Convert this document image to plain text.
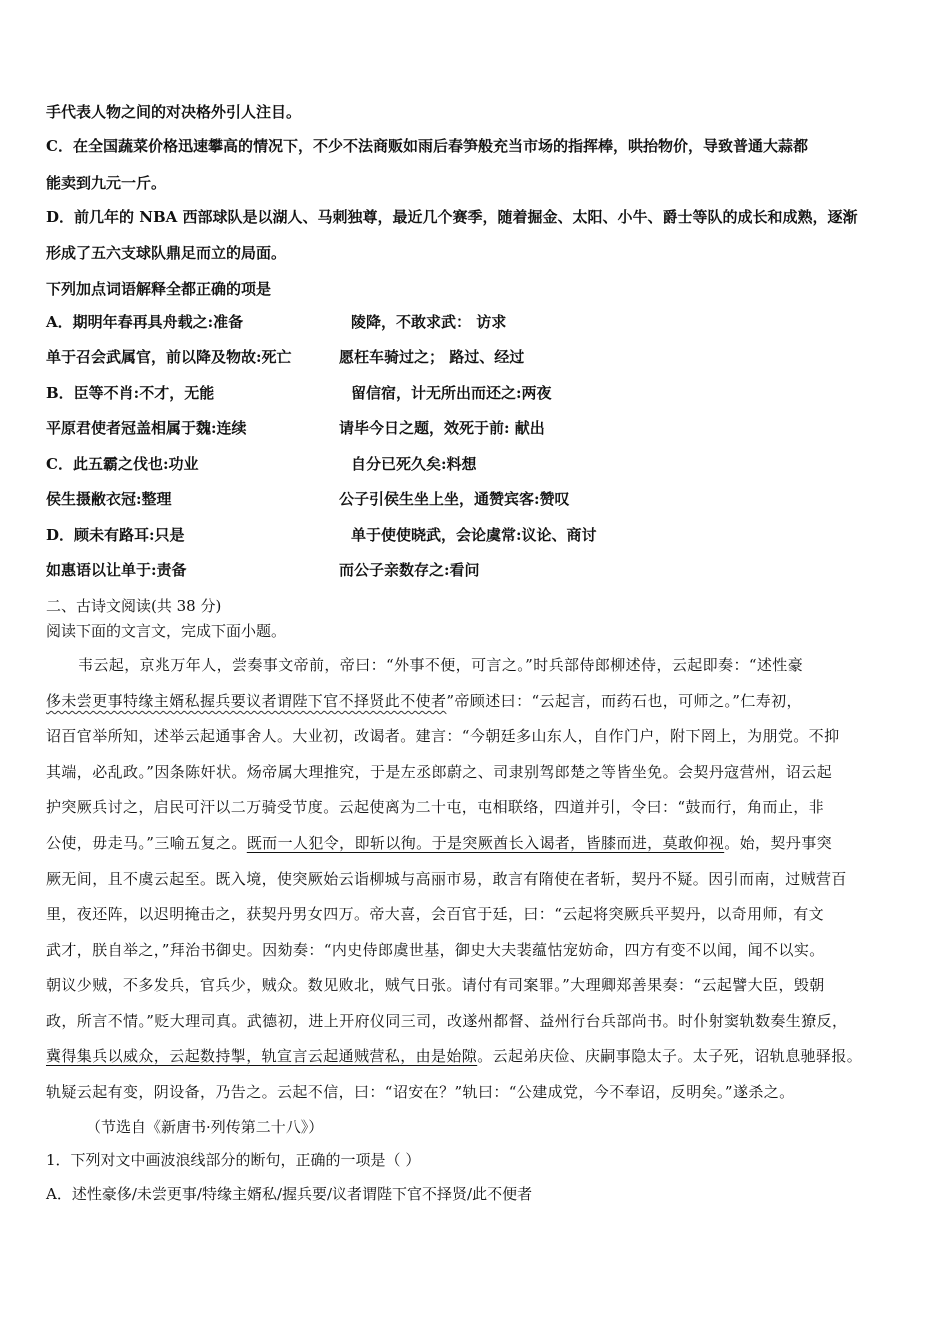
手代表人物之间的对决格外引人注目。
C．在全国蔬菜价格迅速攀高的情况下，不少不法商贩如雨后春笋般充当市场的指挥棒，哄抬物价，导致普通大蒜都
能卖到九元一斤。
D．前几年的 NBA 西部球队是以湖人、马刺独尊，最近几个赛季，随着掘金、太阳、小牛、爵士等队的成长和成熟，逐渐
形成了五六支球队鼎足而立的局面。
下列加点词语解释全都正确的项是
A．期明年春再具舟载之:准备	陵降，不敢求武： 访求
单于召会武属官，前以降及物故:死亡	愿枉车骑过之； 路过、经过
B．臣等不肖:不才，无能	留信宿，计无所出而还之:两夜
平原君使者冠盖相属于魏:连续	请毕今日之题，效死于前: 献出
C．此五霸之伐也:功业	自分已死久矣:料想
侯生摄敝衣冠:整理	公子引侯生坐上坐，通赞宾客:赞叹
D．顾未有路耳:只是	单于使使晓武，会论虞常:议论、商讨
如惠语以让单于:责备	而公子亲数存之:看问
二、古诗文阅读(共 38 分)
阅读下面的文言文，完成下面小题。
韦云起，京兆万年人，尝奏事文帝前，帝曰：“外事不便，可言之。”时兵部侍郎柳述侍，云起即奏：“述性豪
侈未尝更事特缘主婿私握兵要议者谓陛下官不择贤此不使者”帝顾述曰：“云起言，而药石也，可师之。”仁寿初，
诏百官举所知，述举云起通事舍人。大业初，改谒者。建言：“今朝廷多山东人，自作门户，附下罔上，为朋党。不抑
其端，必乱政。”因条陈奸状。炀帝属大理推究，于是左丞郎蔚之、司隶别驾郎楚之等皆坐免。会契丹寇营州，诏云起
护突厥兵讨之，启民可汗以二万骑受节度。云起使离为二十屯，屯相联络，四道并引，令曰：“鼓而行，角而止，非
公使，毋走马。”三喻五复之。既而一人犯令，即斩以徇。于是突厥酋长入谒者，皆膝而进，莫敢仰视。始，契丹事突
厥无间，且不虞云起至。既入境，使突厥始云诣柳城与高丽市易，敢言有隋使在者斩，契丹不疑。因引而南，过贼营百
里，夜还阵，以迟明掩击之，获契丹男女四万。帝大喜，会百官于廷，曰：“云起将突厥兵平契丹，以奇用师，有文
武才，朕自举之，”拜治书御史。因劾奏：“内史侍郎虞世基，御史大夫裴蕴怙宠妨命，四方有变不以闻，闻不以实。
朝议少贼，不多发兵，官兵少，贼众。数见败北，贼气日张。请付有司案罪。”大理卿郑善果奏：“云起譬大臣，毁朝
政，所言不情。”贬大理司真。武德初，进上开府仪同三司，改遂州都督、益州行台兵部尚书。时仆射窦轨数奏生獠反，
冀得集兵以威众，云起数持掣，轨宣言云起通贼营私，由是始隙。云起弟庆俭、庆嗣事隐太子。太子死，诏轨息驰驿报。
轨疑云起有变，阴设备，乃告之。云起不信，曰：“诏安在？”轨曰：“公建成党，今不奉诏，反明矣。”遂杀之。
（节选自《新唐书·列传第二十八》）
1．下列对文中画波浪线部分的断句，正确的一项是（ ）
A．述性豪侈/未尝更事/特缘主婿私/握兵要/议者谓陛下官不择贤/此不便者
